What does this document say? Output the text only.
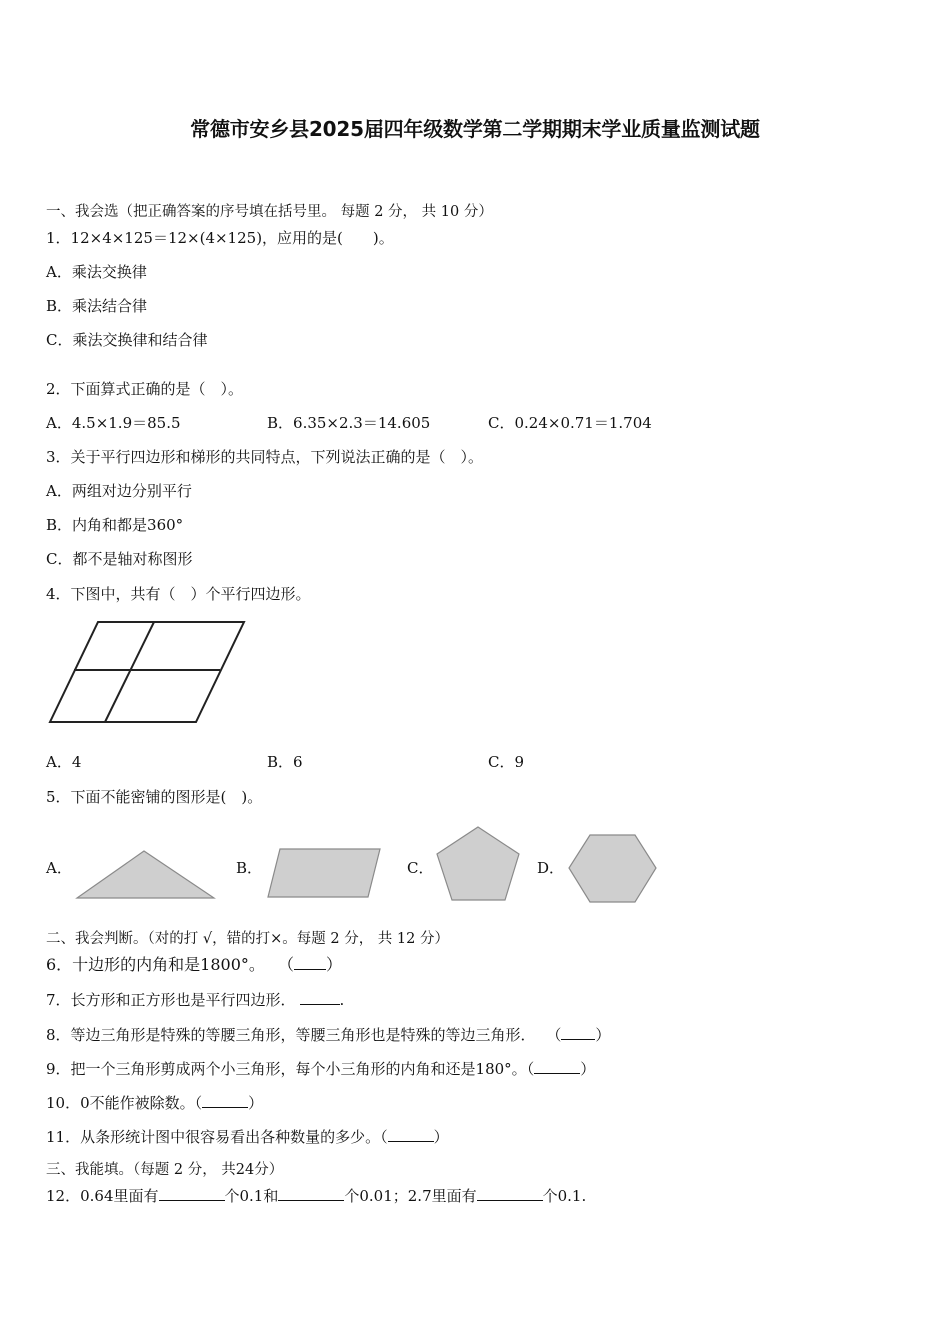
常德市安乡县2025届四年级数学第二学期期末学业质量监测试题
一、我会选（把正确答案的序号填在括号里。 每题 2 分， 共 10 分）
1．12×4×125＝12×(4×125)，应用的是(　　)。
A．乘法交换律
B．乘法结合律
C．乘法交换律和结合律
2．下面算式正确的是（　）。
A．4.5×1.9＝85.5	B．6.35×2.3＝14.605	C．0.24×0.71＝1.704
3．关于平行四边形和梯形的共同特点，下列说法正确的是（　）。
A．两组对边分别平行
B．内角和都是360°
C．都不是轴对称图形
4．下图中，共有（　）个平行四边形。
A．4	B．6	C．9
5．下面不能密铺的图形是(　)。
A．	B．	C．	D．
二、我会判断。（对的打 √，错的打×。每题 2 分， 共 12 分）
6．十边形的内角和是1800°。 （ ）
7．长方形和正方形也是平行四边形．	.
8．等边三角形是特殊的等腰三角形，等腰三角形也是特殊的等边三角形． （ ）
9．把一个三角形剪成两个小三角形，每个小三角形的内角和还是180°。（	）
10．0不能作被除数。（	）
11．从条形统计图中很容易看出各种数量的多少。（	）
三、我能填。（每题 2 分， 共24分）
12．0.64里面有	个0.1和	个0.01；2.7里面有	个0.1.
